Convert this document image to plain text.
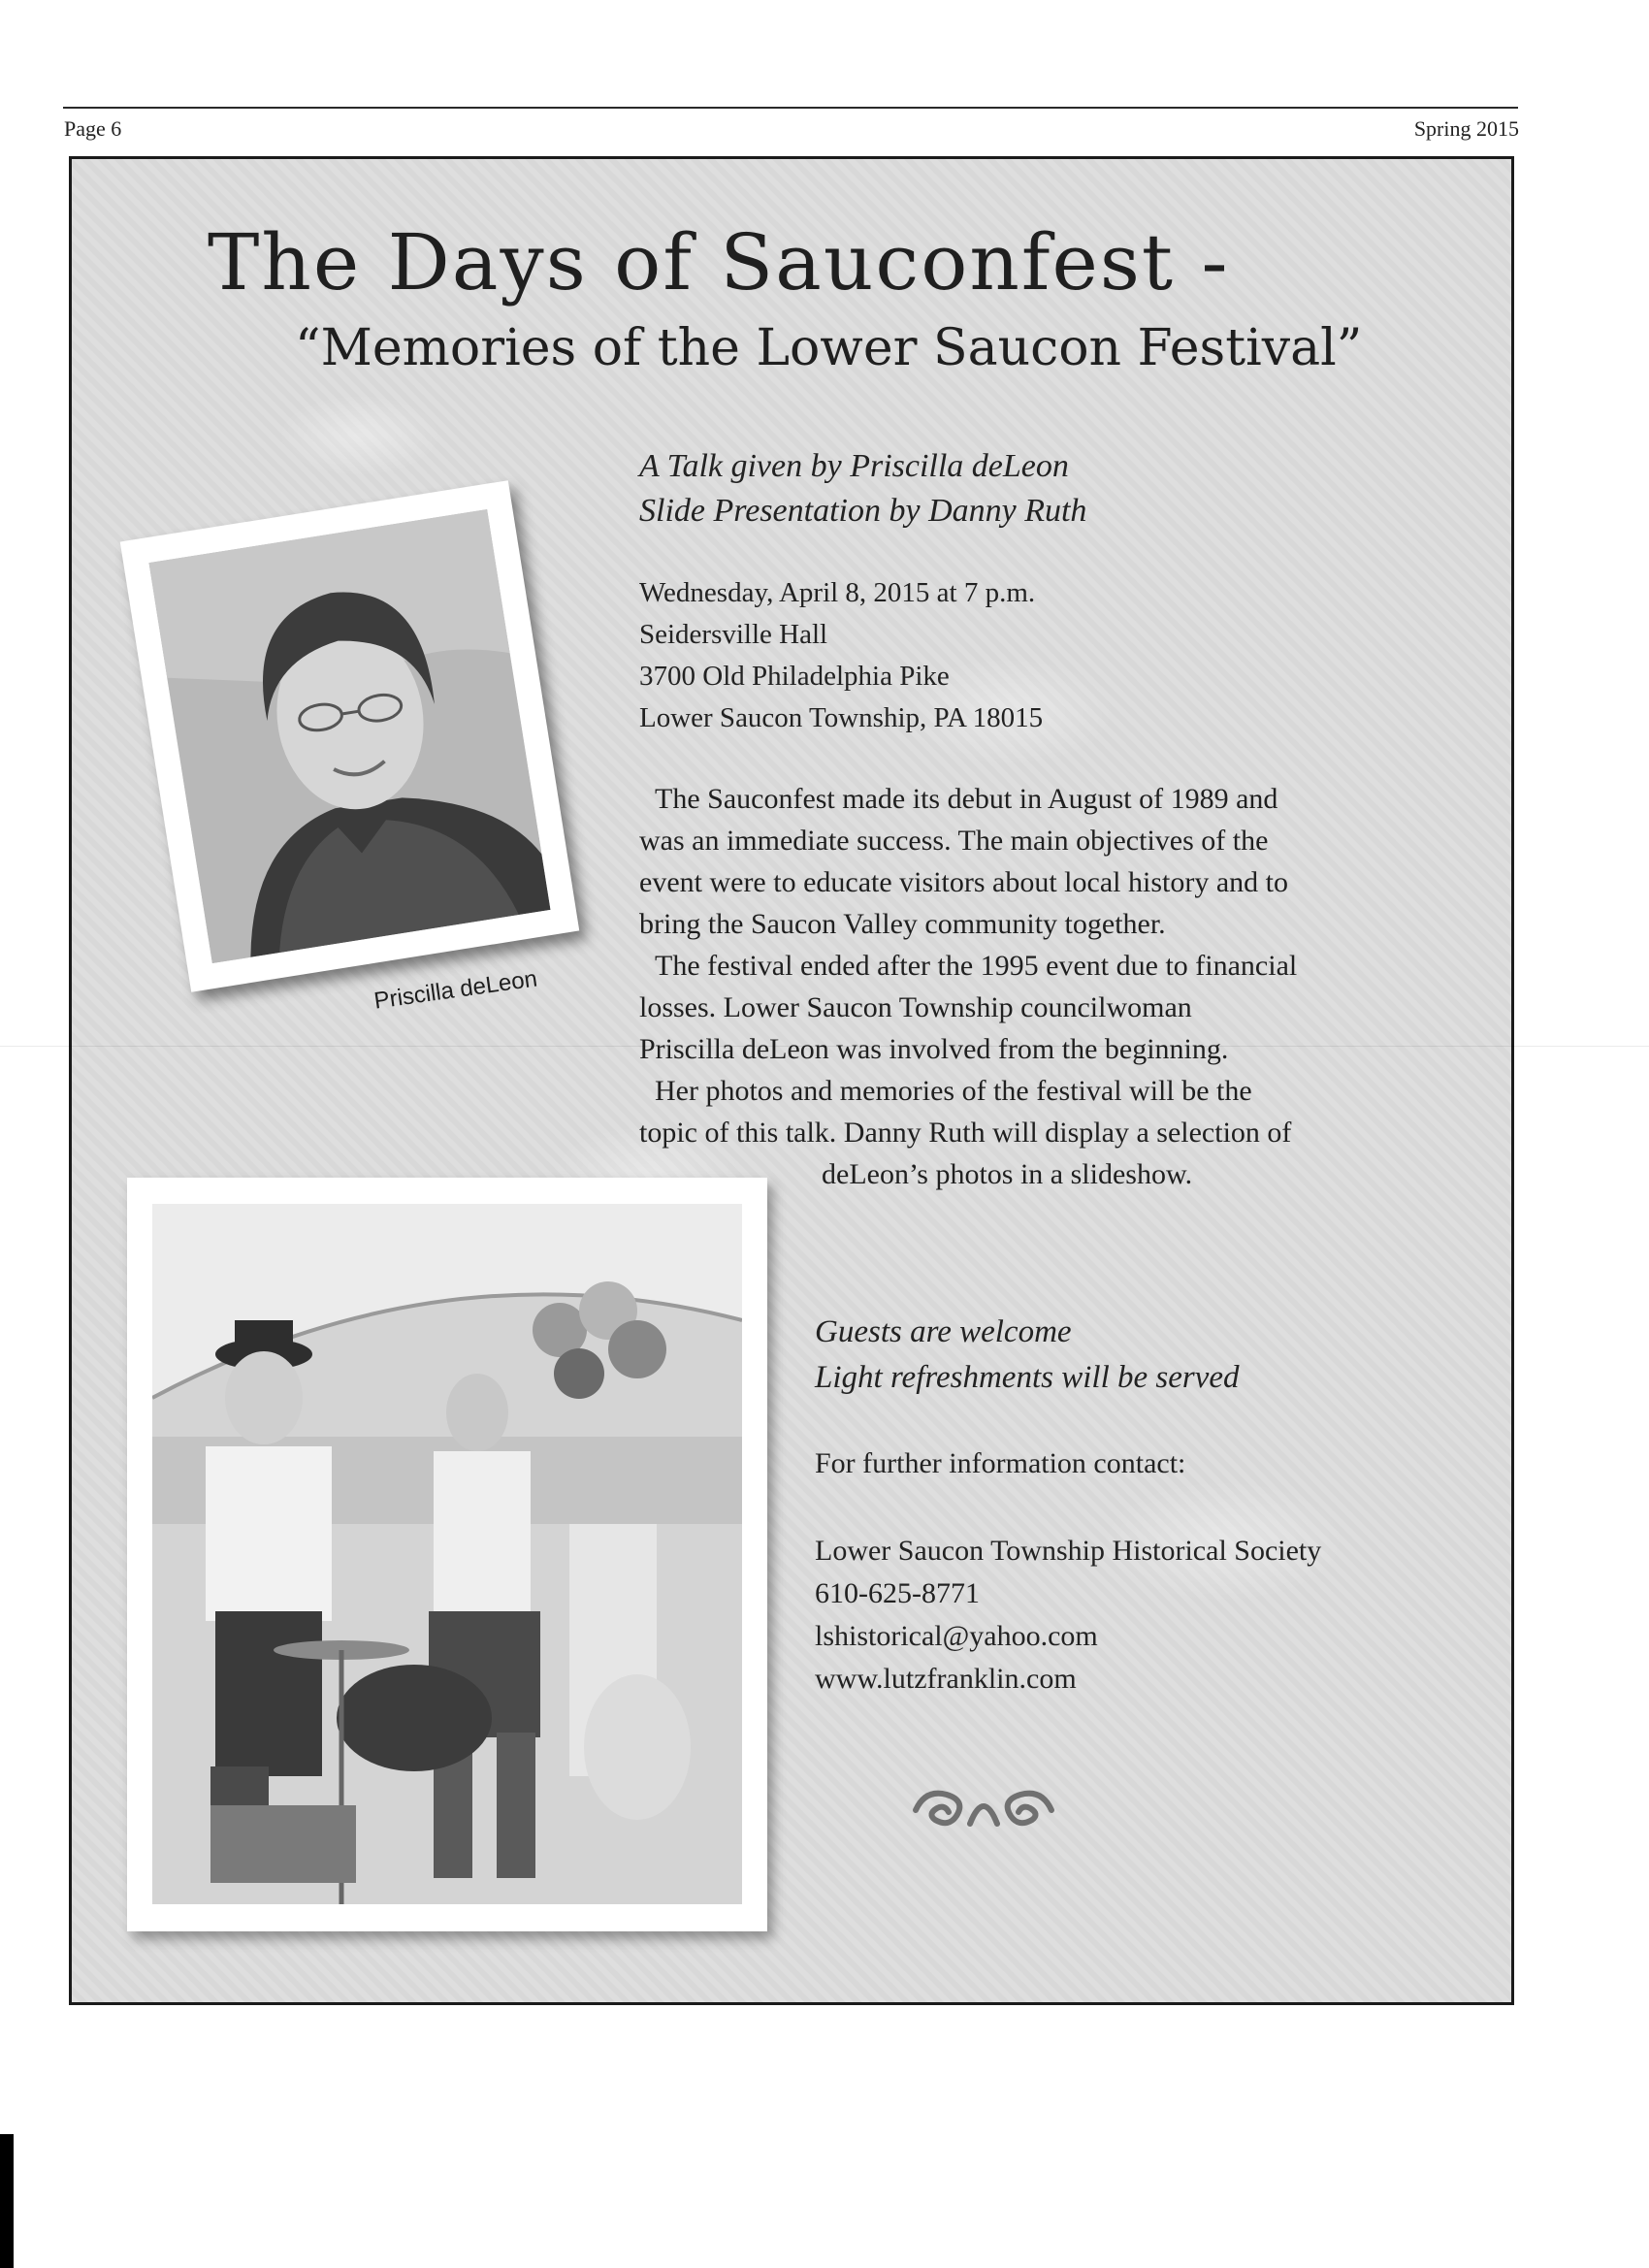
Page 6	Spring 2015
The Days of Sauconfest -
“Memories of the Lower Saucon Festival”
A Talk given by Priscilla deLeon
Slide Presentation by Danny Ruth
Wednesday, April 8, 2015 at 7 p.m.
Seidersville Hall
3700 Old Philadelphia Pike
Lower Saucon Township, PA 18015

The Sauconfest made its debut in August of 1989 and

was an immediate success. The main objectives of the

event were to educate visitors about local history and to

bring the Saucon Valley community together.

The festival ended after the 1995 event due to financial

losses. Lower Saucon Township councilwoman

Priscilla deLeon was involved from the beginning.

Her photos and memories of the festival will be the

topic of this talk. Danny Ruth will display a selection of

deLeon’s photos in a slideshow.

Priscilla deLeon
Guests are welcome
Light refreshments will be served
For further information contact:
Lower Saucon Township Historical Society
610-625-8771
lshistorical@yahoo.com
www.lutzfranklin.com
